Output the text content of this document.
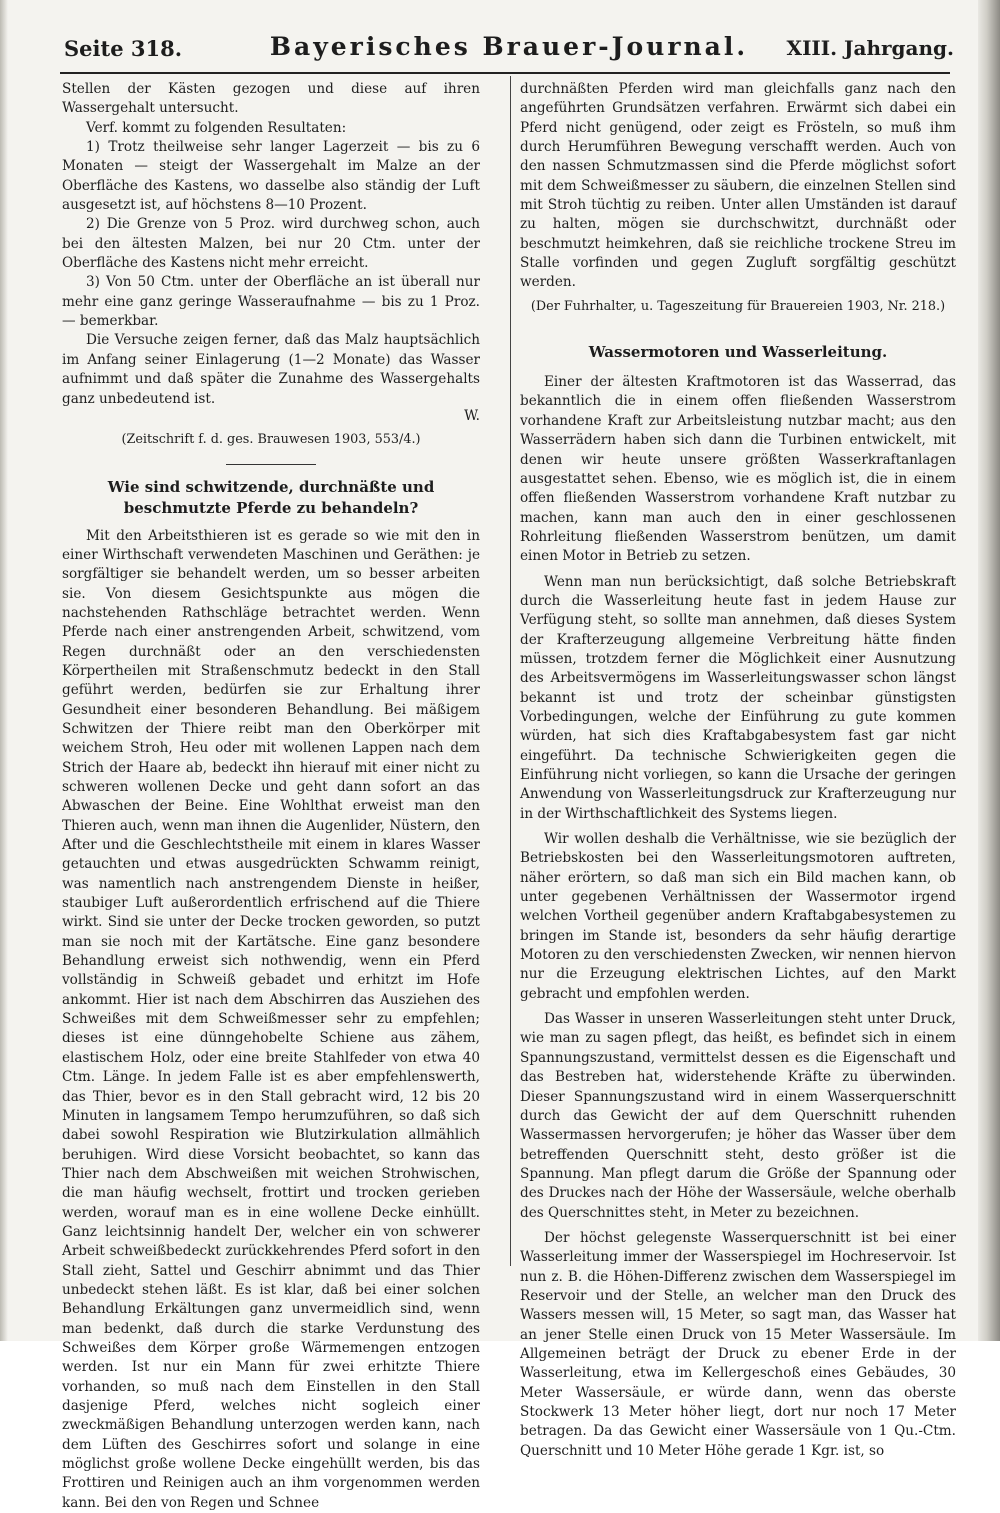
Seite 318.	Bayerisches Brauer-Journal.	XIII. Jahrgang.

Stellen der Kästen gezogen und diese auf ihren Wassergehalt untersucht.

Verf. kommt zu folgenden Resultaten:

1) Trotz theilweise sehr langer Lagerzeit — bis zu 6 Monaten — steigt der Wassergehalt im Malze an der Oberfläche des Kastens, wo dasselbe also ständig der Luft ausgesetzt ist, auf höchstens 8—10 Prozent.

2) Die Grenze von 5 Proz. wird durchweg schon, auch bei den ältesten Malzen, bei nur 20 Ctm. unter der Oberfläche des Kastens nicht mehr erreicht.

3) Von 50 Ctm. unter der Oberfläche an ist überall nur mehr eine ganz geringe Wasseraufnahme — bis zu 1 Proz. — bemerkbar.

Die Versuche zeigen ferner, daß das Malz hauptsächlich im Anfang seiner Einlagerung (1—2 Monate) das Wasser aufnimmt und daß später die Zunahme des Wassergehalts ganz unbedeutend ist.

W.

(Zeitschrift f. d. ges. Brauwesen 1903, 553/4.)

Wie sind schwitzende, durchnäßte und beschmutzte Pferde zu behandeln?

Mit den Arbeitsthieren ist es gerade so wie mit den in einer Wirthschaft verwendeten Maschinen und Geräthen: je sorgfältiger sie behandelt werden, um so besser arbeiten sie. Von diesem Gesichtspunkte aus mögen die nachstehenden Rathschläge betrachtet werden. Wenn Pferde nach einer anstrengenden Arbeit, schwitzend, vom Regen durchnäßt oder an den verschiedensten Körpertheilen mit Straßenschmutz bedeckt in den Stall geführt werden, bedürfen sie zur Erhaltung ihrer Gesundheit einer besonderen Behandlung. Bei mäßigem Schwitzen der Thiere reibt man den Oberkörper mit weichem Stroh, Heu oder mit wollenen Lappen nach dem Strich der Haare ab, bedeckt ihn hierauf mit einer nicht zu schweren wollenen Decke und geht dann sofort an das Abwaschen der Beine. Eine Wohlthat erweist man den Thieren auch, wenn man ihnen die Augenlider, Nüstern, den After und die Geschlechtstheile mit einem in klares Wasser getauchten und etwas ausgedrückten Schwamm reinigt, was namentlich nach anstrengendem Dienste in heißer, staubiger Luft außerordentlich erfrischend auf die Thiere wirkt. Sind sie unter der Decke trocken geworden, so putzt man sie noch mit der Kartätsche. Eine ganz besondere Behandlung erweist sich nothwendig, wenn ein Pferd vollständig in Schweiß gebadet und erhitzt im Hofe ankommt. Hier ist nach dem Abschirren das Ausziehen des Schweißes mit dem Schweißmesser sehr zu empfehlen; dieses ist eine dünngehobelte Schiene aus zähem, elastischem Holz, oder eine breite Stahlfeder von etwa 40 Ctm. Länge. In jedem Falle ist es aber empfehlenswerth, das Thier, bevor es in den Stall gebracht wird, 12 bis 20 Minuten in langsamem Tempo herumzuführen, so daß sich dabei sowohl Respiration wie Blutzirkulation allmählich beruhigen. Wird diese Vorsicht beobachtet, so kann das Thier nach dem Abschweißen mit weichen Strohwischen, die man häufig wechselt, frottirt und trocken gerieben werden, worauf man es in eine wollene Decke einhüllt. Ganz leichtsinnig handelt Der, welcher ein von schwerer Arbeit schweißbedeckt zurückkehrendes Pferd sofort in den Stall zieht, Sattel und Geschirr abnimmt und das Thier unbedeckt stehen läßt. Es ist klar, daß bei einer solchen Behandlung Erkältungen ganz unvermeidlich sind, wenn man bedenkt, daß durch die starke Verdunstung des Schweißes dem Körper große Wärmemengen entzogen werden. Ist nur ein Mann für zwei erhitzte Thiere vorhanden, so muß nach dem Einstellen in den Stall dasjenige Pferd, welches nicht sogleich einer zweckmäßigen Behandlung unterzogen werden kann, nach dem Lüften des Geschirres sofort und solange in eine möglichst große wollene Decke eingehüllt werden, bis das Frottiren und Reinigen auch an ihm vorgenommen werden kann. Bei den von Regen und Schnee

durchnäßten Pferden wird man gleichfalls ganz nach den angeführten Grundsätzen verfahren. Erwärmt sich dabei ein Pferd nicht genügend, oder zeigt es Frösteln, so muß ihm durch Herumführen Bewegung verschafft werden. Auch von den nassen Schmutzmassen sind die Pferde möglichst sofort mit dem Schweißmesser zu säubern, die einzelnen Stellen sind mit Stroh tüchtig zu reiben. Unter allen Umständen ist darauf zu halten, mögen sie durchschwitzt, durchnäßt oder beschmutzt heimkehren, daß sie reichliche trockene Streu im Stalle vorfinden und gegen Zugluft sorgfältig geschützt werden.

(Der Fuhrhalter, u. Tageszeitung für Brauereien 1903, Nr. 218.)

Wassermotoren und Wasserleitung.

Einer der ältesten Kraftmotoren ist das Wasserrad, das bekanntlich die in einem offen fließenden Wasserstrom vorhandene Kraft zur Arbeitsleistung nutzbar macht; aus den Wasserrädern haben sich dann die Turbinen entwickelt, mit denen wir heute unsere größten Wasserkraftanlagen ausgestattet sehen. Ebenso, wie es möglich ist, die in einem offen fließenden Wasserstrom vorhandene Kraft nutzbar zu machen, kann man auch den in einer geschlossenen Rohrleitung fließenden Wasserstrom benützen, um damit einen Motor in Betrieb zu setzen.

Wenn man nun berücksichtigt, daß solche Betriebskraft durch die Wasserleitung heute fast in jedem Hause zur Verfügung steht, so sollte man annehmen, daß dieses System der Krafterzeugung allgemeine Verbreitung hätte finden müssen, trotzdem ferner die Möglichkeit einer Ausnutzung des Arbeitsvermögens im Wasserleitungswasser schon längst bekannt ist und trotz der scheinbar günstigsten Vorbedingungen, welche der Einführung zu gute kommen würden, hat sich dies Kraftabgabesystem fast gar nicht eingeführt. Da technische Schwierigkeiten gegen die Einführung nicht vorliegen, so kann die Ursache der geringen Anwendung von Wasserleitungsdruck zur Krafterzeugung nur in der Wirthschaftlichkeit des Systems liegen.

Wir wollen deshalb die Verhältnisse, wie sie bezüglich der Betriebskosten bei den Wasserleitungsmotoren auftreten, näher erörtern, so daß man sich ein Bild machen kann, ob unter gegebenen Verhältnissen der Wassermotor irgend welchen Vortheil gegenüber andern Kraftabgabesystemen zu bringen im Stande ist, besonders da sehr häufig derartige Motoren zu den verschiedensten Zwecken, wir nennen hiervon nur die Erzeugung elektrischen Lichtes, auf den Markt gebracht und empfohlen werden.

Das Wasser in unseren Wasserleitungen steht unter Druck, wie man zu sagen pflegt, das heißt, es befindet sich in einem Spannungszustand, vermittelst dessen es die Eigenschaft und das Bestreben hat, widerstehende Kräfte zu überwinden. Dieser Spannungszustand wird in einem Wasserquerschnitt durch das Gewicht der auf dem Querschnitt ruhenden Wassermassen hervorgerufen; je höher das Wasser über dem betreffenden Querschnitt steht, desto größer ist die Spannung. Man pflegt darum die Größe der Spannung oder des Druckes nach der Höhe der Wassersäule, welche oberhalb des Querschnittes steht, in Meter zu bezeichnen.

Der höchst gelegenste Wasserquerschnitt ist bei einer Wasserleitung immer der Wasserspiegel im Hochreservoir. Ist nun z. B. die Höhen-Differenz zwischen dem Wasserspiegel im Reservoir und der Stelle, an welcher man den Druck des Wassers messen will, 15 Meter, so sagt man, das Wasser hat an jener Stelle einen Druck von 15 Meter Wassersäule. Im Allgemeinen beträgt der Druck zu ebener Erde in der Wasserleitung, etwa im Kellergeschoß eines Gebäudes, 30 Meter Wassersäule, er würde dann, wenn das oberste Stockwerk 13 Meter höher liegt, dort nur noch 17 Meter betragen. Da das Gewicht einer Wassersäule von 1 Qu.-Ctm. Querschnitt und 10 Meter Höhe gerade 1 Kgr. ist, so
